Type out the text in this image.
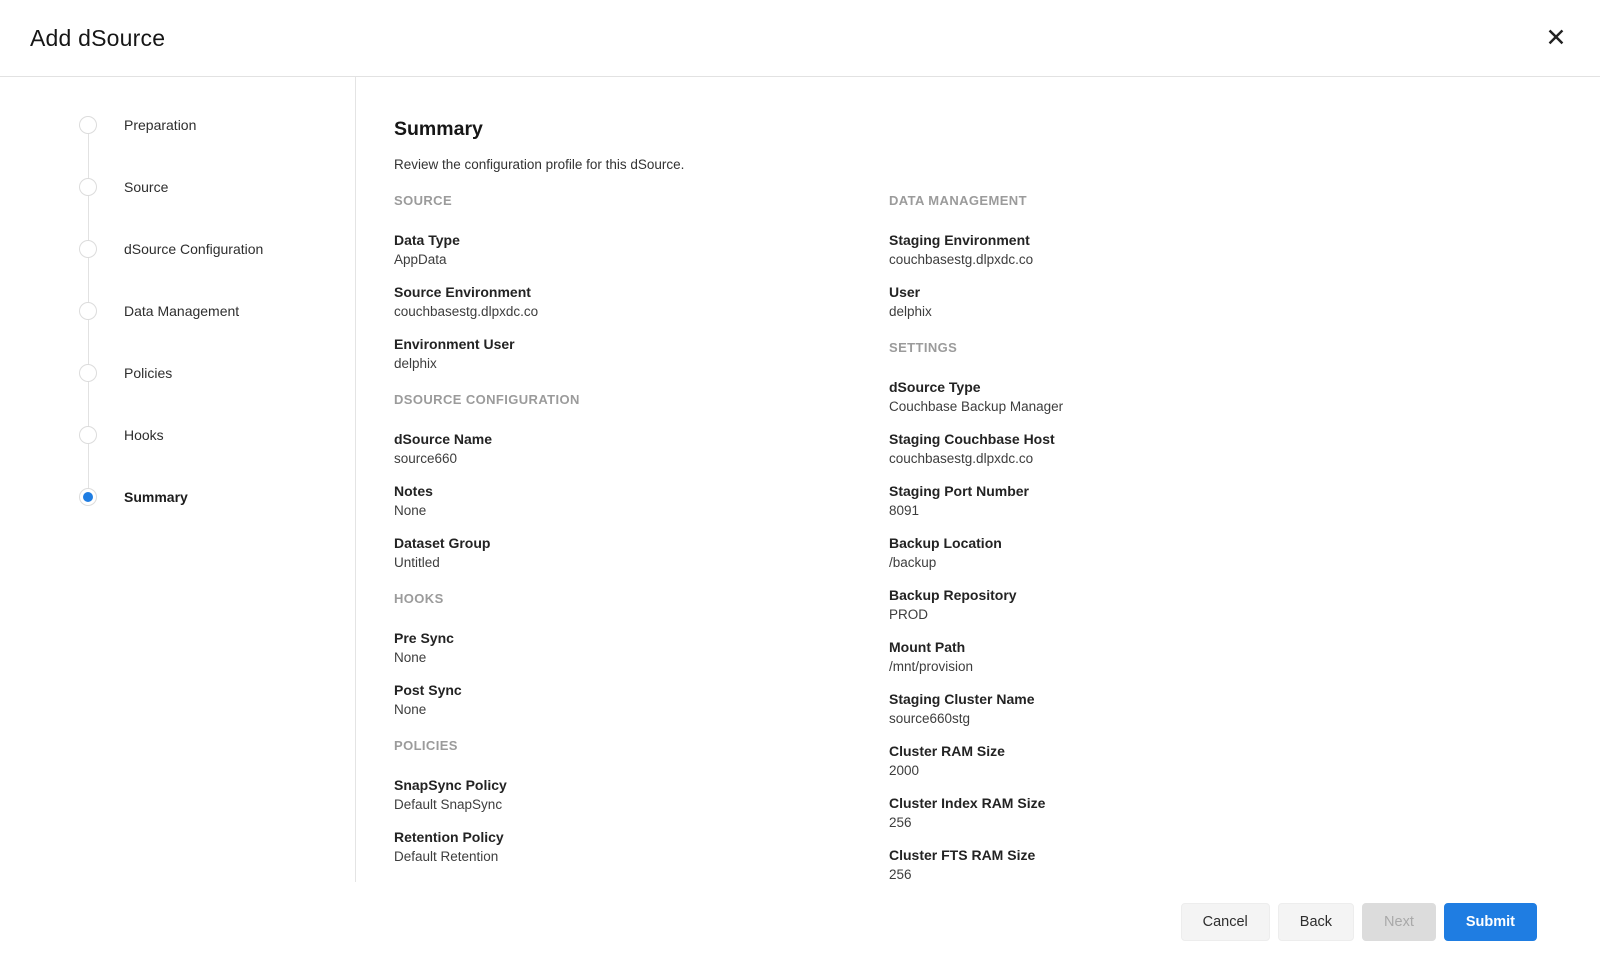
Add dSource	✕
Preparation
Source
dSource Configuration
Data Management
Policies
Hooks
Summary
Summary

Review the configuration profile for this dSource.

SOURCE
Data Type
AppData
Source Environment
couchbasestg.dlpxdc.co
Environment User
delphix
DSOURCE CONFIGURATION
dSource Name
source660
Notes
None
Dataset Group
Untitled
HOOKS
Pre Sync
None
Post Sync
None
POLICIES
SnapSync Policy
Default SnapSync
Retention Policy
Default Retention
DATA MANAGEMENT
Staging Environment
couchbasestg.dlpxdc.co
User
delphix
SETTINGS
dSource Type
Couchbase Backup Manager
Staging Couchbase Host
couchbasestg.dlpxdc.co
Staging Port Number
8091
Backup Location
/backup
Backup Repository
PROD
Mount Path
/mnt/provision
Staging Cluster Name
source660stg
Cluster RAM Size
2000
Cluster Index RAM Size
256
Cluster FTS RAM Size
256
Cancel	Back	Next	Submit
